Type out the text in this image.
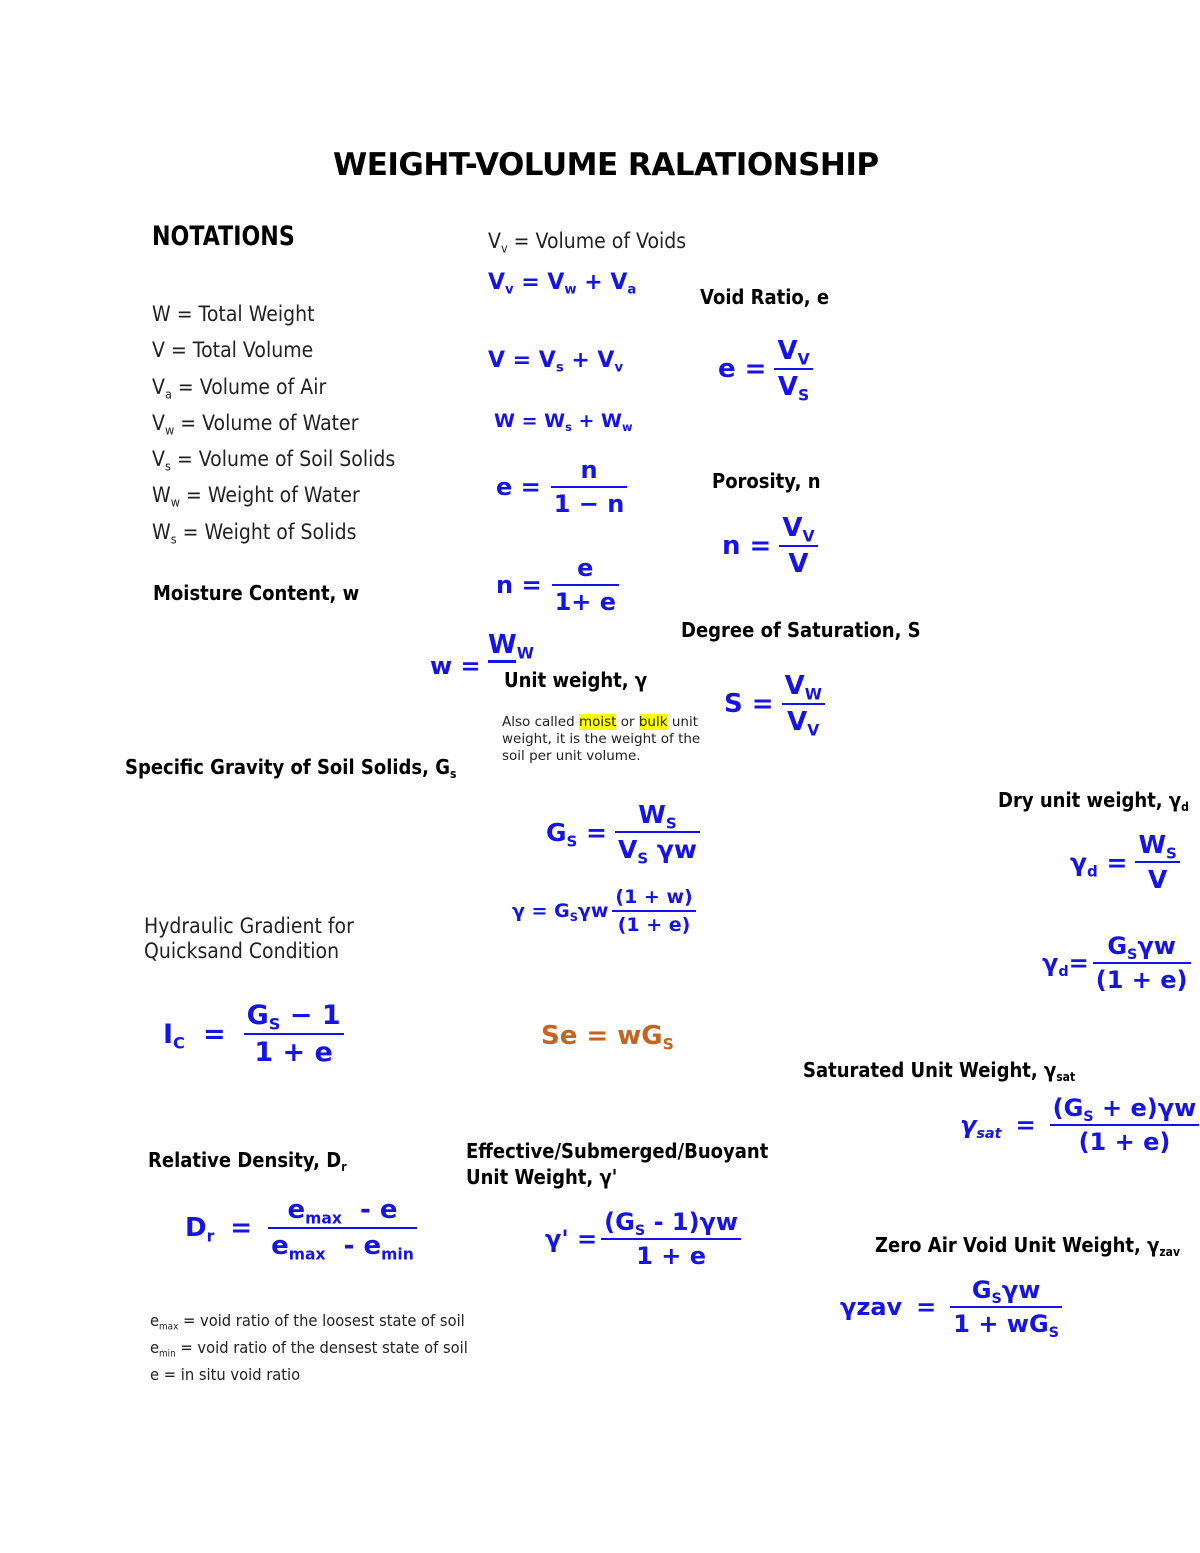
WEIGHT-VOLUME RALATIONSHIP
NOTATIONS
W = Total Weight
V = Total Volume
$V_a$ = Volume of Air
$V_w$ = Volume of Water
$V_s$ = Volume of Soil Solids
$W_w$ = Weight of Water
$W_s$ = Weight of Solids
$V_v$ = Volume of Voids
$V_v = V_w + V_a$
$V = V_s + V_v$
$W = W_s + W_w$
$e = \frac{n}{1 - n}$
$n = \frac{e}{1+ e}$
Void Ratio, e
$e = \frac{V_V}{V_S}$
Porosity, n
$n = \frac{V_V}{V}$
Degree of Saturation, S
$S = \frac{V_W}{V_V}$
Moisture Content, w
w =
$W_W$
Unit weight, γ
Also called moist or bulk unit weight, it is the weight of the soil per unit volume.
Specific Gravity of Soil Solids, $G_s$
$G_S = \frac{W_S}{V_S \gamma w}$
$\gamma = G_S\gamma w \frac{(1 + w)}{(1 + e)}$
Dry unit weight, $\gamma_d$
$\gamma_d = \frac{W_S}{V}$
$\gamma_d= \frac{G_S\gamma w}{(1 + e)}$
Hydraulic Gradient for
Quicksand Condition
$I_C = \frac{G_S - 1}{1 + e}$	$Se = wG_S$
Saturated Unit Weight, $\gamma_{sat}$
$\gamma_{sat} = \frac{(G_S + e)\gamma w}{(1 + e)}$
Relative Density, $D_r$
$D_r = \frac{e_{max} - e}{e_{max} - e_{min}}$
Effective/Submerged/Buoyant
Unit Weight, γ'
$\gamma' = \frac{(G_S - 1)\gamma w}{1 + e}$	Zero Air Void Unit Weight, $\gamma_{zav}$
$\gamma zav = \frac{G_S\gamma w}{1 + wG_S}$
$e_{max}$ = void ratio of the loosest state of soil
$e_{min}$ = void ratio of the densest state of soil
e = in situ void ratio
